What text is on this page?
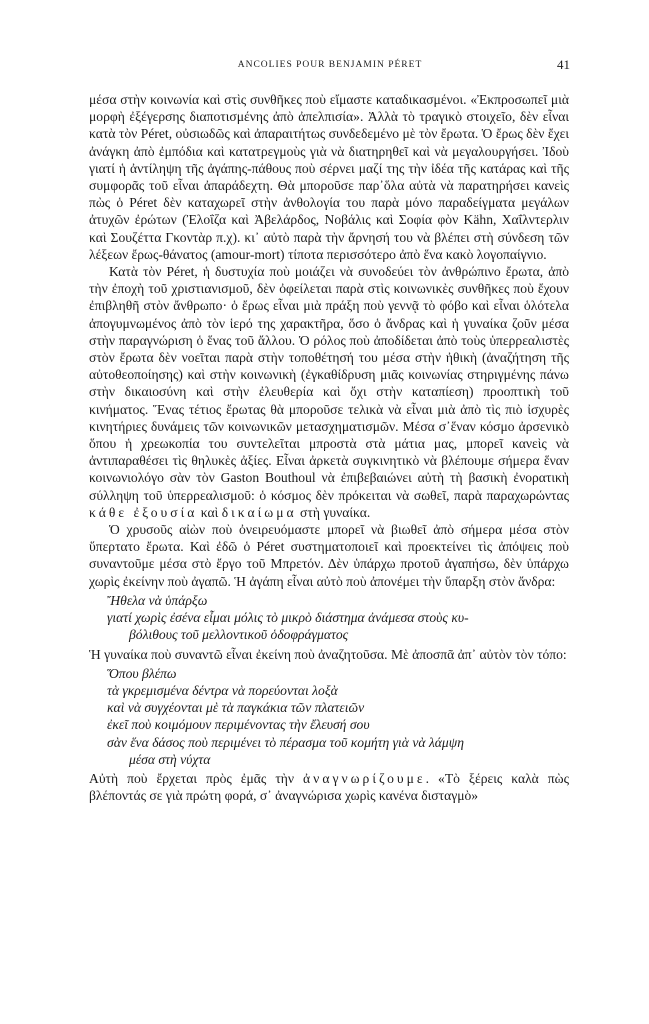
ANCOLIES POUR BENJAMIN PÉRET	41

μέσα στὴν κοινωνία καὶ στὶς συνθῆκες ποὺ εἴμαστε καταδικασμένοι. «Ἐκπροσωπεῖ μιὰ μορφὴ ἐξέγερσης διαποτισμένης ἀπὸ ἀπελπισία». Ἀλλὰ τὸ τραγικὸ στοιχεῖο, δὲν εἶναι κατὰ τὸν Péret, οὐσιωδῶς καὶ ἀπαραιτήτως συνδεδεμένο μὲ τὸν ἔρωτα. Ὁ ἔρως δὲν ἔχει ἀνάγκη ἀπὸ ἐμπόδια καὶ κατατρεγμοὺς γιὰ νὰ διατηρηθεῖ καὶ νὰ μεγαλουργήσει. Ἰδοὺ γιατί ἡ ἀντίληψη τῆς ἀγάπης-πάθους ποὺ σέρνει μαζί της τὴν ἰδέα τῆς κατάρας καὶ τῆς συμφορᾶς τοῦ εἶναι ἀπαράδεχτη. Θὰ μποροῦσε παρ᾽ὅλα αὐτὰ νὰ παρατηρήσει κανεὶς πὼς ὁ Péret δὲν καταχωρεῖ στὴν ἀνθολογία του παρὰ μόνο παραδείγματα μεγάλων ἀτυχῶν ἐρώτων (Ἐλοΐζα καὶ Ἀβελάρδος, Νοβάλις καὶ Σοφία φὸν Kähn, Χαΐλντερλιν καὶ Σουζέττα Γκοντὰρ π.χ). κι᾽ αὐτὸ παρὰ τὴν ἄρνησή του νὰ βλέπει στὴ σύνδεση τῶν λέξεων ἔρως-θάνατος (amour-mort) τίποτα περισσότερο ἀπὸ ἕνα κακὸ λογοπαίγνιο.

Κατὰ τὸν Péret, ἡ δυστυχία ποὺ μοιάζει νὰ συνοδεύει τὸν ἀνθρώπινο ἔρωτα, ἀπὸ τὴν ἐποχὴ τοῦ χριστιανισμοῦ, δὲν ὀφείλεται παρὰ στὶς κοινωνικὲς συνθῆκες ποὺ ἔχουν ἐπιβληθῆ στὸν ἄνθρωπο· ὁ ἔρως εἶναι μιὰ πράξη ποὺ γεννᾷ τὸ φόβο καὶ εἶναι ὁλότελα ἀπογυμνωμένος ἀπὸ τὸν ἱερό της χαρακτῆρα, ὅσο ὁ ἄνδρας καὶ ἡ γυναίκα ζοῦν μέσα στὴν παραγνώριση ὁ ἕνας τοῦ ἄλλου. Ὁ ρόλος ποὺ ἀποδίδεται ἀπὸ τοὺς ὑπερρεαλιστὲς στὸν ἔρωτα δὲν νοεῖται παρὰ στὴν τοποθέτησή του μέσα στὴν ἠθικὴ (ἀναζήτηση τῆς αὐτοθεοποίησης) καὶ στὴν κοινωνικὴ (ἐγκαθίδρυση μιᾶς κοινωνίας στηριγμένης πάνω στὴν δικαιοσύνη καὶ στὴν ἐλευθερία καὶ ὄχι στὴν καταπίεση) προοπτικὴ τοῦ κινήματος. Ἕνας τέτιος ἔρωτας θὰ μποροῦσε τελικὰ νὰ εἶναι μιὰ ἀπὸ τὶς πιὸ ἰσχυρὲς κινητήριες δυνάμεις τῶν κοινωνικῶν μετασχηματισμῶν. Μέσα σ᾽ἕναν κόσμο ἀρσενικὸ ὅπου ἡ χρεωκοπία του συντελεῖται μπροστὰ στὰ μάτια μας, μπορεῖ κανεὶς νὰ ἀντιπαραθέσει τὶς θηλυκὲς ἀξίες. Εἶναι ἀρκετὰ συγκινητικὸ νὰ βλέπουμε σήμερα ἕναν κοινωνιολόγο σὰν τὸν Gaston Bouthoul νὰ ἐπιβεβαιώνει αὐτὴ τὴ βασικὴ ἐνορατικὴ σύλληψη τοῦ ὑπερρεαλισμοῦ: ὁ κόσμος δὲν πρόκειται νὰ σωθεῖ, παρὰ παραχωρώντας κάθε ἐξουσία καὶ δικαίωμα στὴ γυναίκα.

Ὁ χρυσοῦς αἰὼν ποὺ ὀνειρευόμαστε μπορεῖ νὰ βιωθεῖ ἀπὸ σήμερα μέσα στὸν ὕπερτατο ἔρωτα. Καὶ ἐδῶ ὁ Péret συστηματοποιεῖ καὶ προεκτείνει τὶς ἀπόψεις ποὺ συναντοῦμε μέσα στὸ ἔργο τοῦ Μπρετόν. Δὲν ὑπάρχω προτοῦ ἀγαπήσω, δὲν ὑπάρχω χωρὶς ἐκείνην ποὺ ἀγαπῶ. Ἡ ἀγάπη εἶναι αὐτὸ ποὺ ἀπονέμει τὴν ὕπαρξη στὸν ἄνδρα:

Ἤθελα νὰ ὑπάρξω
γιατί χωρὶς ἐσένα εἶμαι μόλις τὸ μικρὸ διάστημα ἀνάμεσα στοὺς κυ-
βόλιθους τοῦ μελλοντικοῦ ὁδοφράγματος

Ἡ γυναίκα ποὺ συναντῶ εἶναι ἐκείνη ποὺ ἀναζητοῦσα. Μὲ ἀποσπᾶ ἀπ᾽ αὐτὸν τὸν τόπο:

Ὅπου βλέπω
τὰ γκρεμισμένα δέντρα νὰ πορεύονται λοξὰ
καὶ νὰ συγχέονται μὲ τὰ παγκάκια τῶν πλατειῶν
ἐκεῖ ποὺ κοιμόμουν περιμένοντας τὴν ἔλευσή σου
σὰν ἕνα δάσος ποὺ περιμένει τὸ πέρασμα τοῦ κομήτη γιὰ νὰ λάμψη
μέσα στὴ νύχτα

Αὐτὴ ποὺ ἔρχεται πρὸς ἐμᾶς τὴν ἀναγνωρίζουμε. «Τὸ ξέρεις καλὰ πὼς βλέποντάς σε γιὰ πρώτη φορά, σ᾽ ἀναγνώρισα χωρὶς κανένα δισταγμὸ»
